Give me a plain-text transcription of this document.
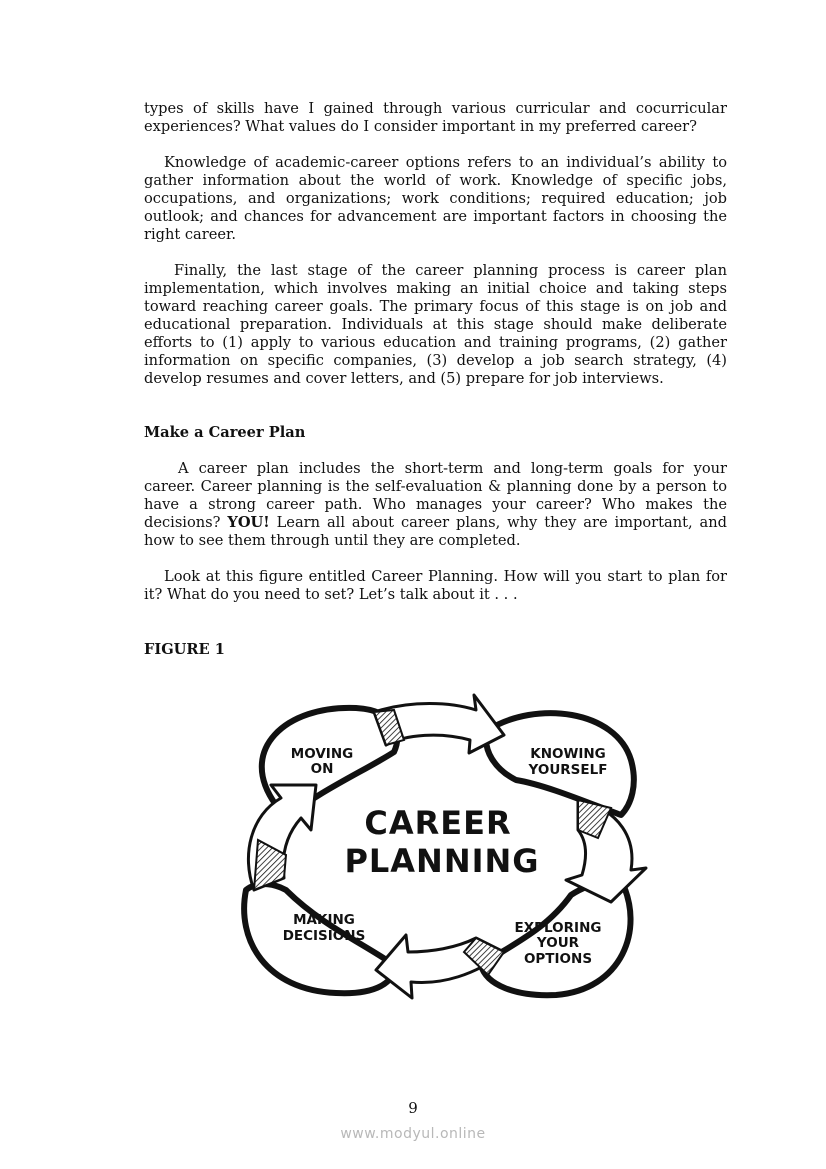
types of skills have I gained through various curricular and cocurricular experiences? What values do I consider important in my preferred career?

Knowledge of academic-career options refers to an individual’s ability to gather information about the world of work. Knowledge of specific jobs, occupations, and organizations; work conditions; required education; job outlook; and chances for advancement are important factors in choosing the right career.

Finally, the last stage of the career planning process is career plan implementation, which involves making an initial choice and taking steps toward reaching career goals. The primary focus of this stage is on job and educational preparation. Individuals at this stage should make deliberate efforts to (1) apply to various education and training programs, (2) gather information on specific companies, (3) develop a job search strategy, (4) develop resumes and cover letters, and (5) prepare for job interviews.

Make a Career Plan

A career plan includes the short-term and long-term goals for your career. Career planning is the self-evaluation & planning done by a person to have a strong career path. Who manages your career? Who makes the decisions? YOU! Learn all about career plans, why they are important, and how to see them through until they are completed.

Look at this figure entitled Career Planning. How will you start to plan for it? What do you need to set? Let’s talk about it . . .

FIGURE 1

MOVING
ON
KNOWING
YOURSELF
MAKING
DECISIONS	EXPLORING
YOUR
OPTIONS
CAREER
PLANNING
9
www.modyul.online
